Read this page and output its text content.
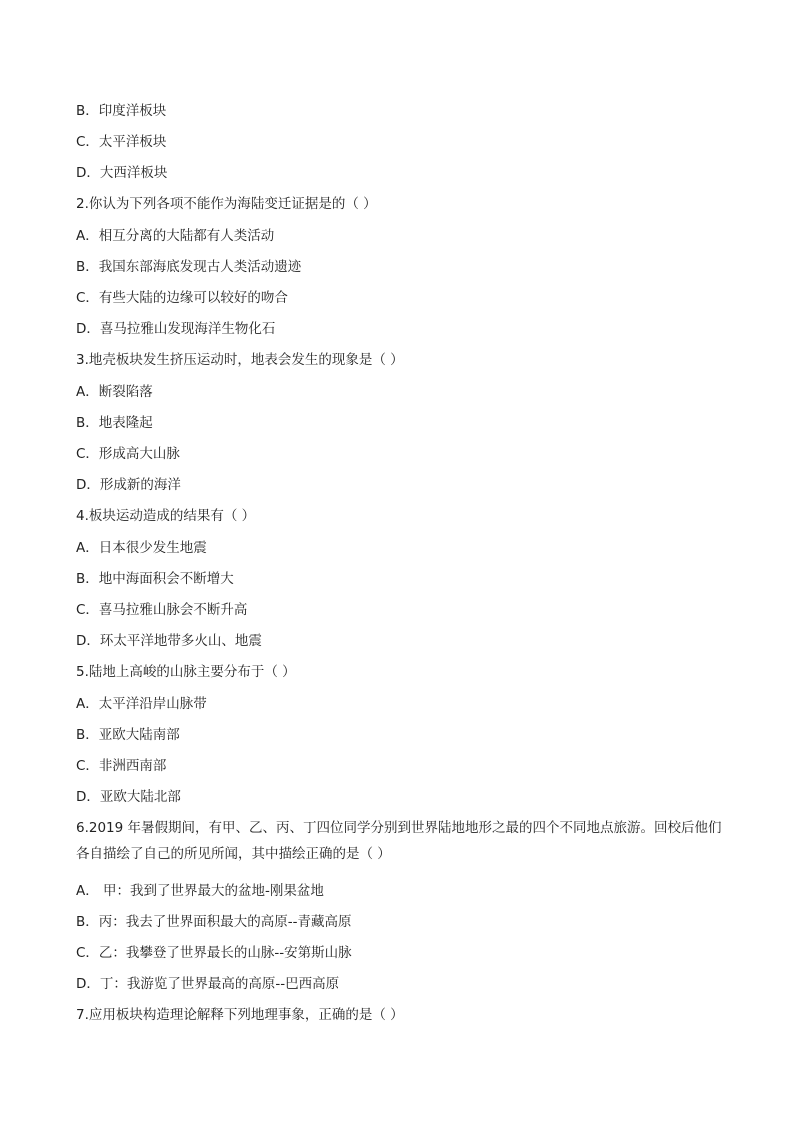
B．印度洋板块
C．太平洋板块
D．大西洋板块
2.你认为下列各项不能作为海陆变迁证据是的（ ）
A．相互分离的大陆都有人类活动
B．我国东部海底发现古人类活动遗迹
C．有些大陆的边缘可以较好的吻合
D．喜马拉雅山发现海洋生物化石
3.地壳板块发生挤压运动时，地表会发生的现象是（ ）
A．断裂陷落
B．地表隆起
C．形成高大山脉
D．形成新的海洋
4.板块运动造成的结果有（ ）
A．日本很少发生地震
B．地中海面积会不断增大
C．喜马拉雅山脉会不断升高
D．环太平洋地带多火山、地震
5.陆地上高峻的山脉主要分布于（ ）
A．太平洋沿岸山脉带
B．亚欧大陆南部
C．非洲西南部
D．亚欧大陆北部
6.2019 年暑假期间，有甲、乙、丙、丁四位同学分别到世界陆地地形之最的四个不同地点旅游。回校后他们各自描绘了自己的所见所闻，其中描绘正确的是（ ）
A． 甲：我到了世界最大的盆地-刚果盆地
B．丙：我去了世界面积最大的高原--青藏高原
C．乙：我攀登了世界最长的山脉--安第斯山脉
D．丁：我游览了世界最高的高原--巴西高原
7.应用板块构造理论解释下列地理事象，正确的是（ ）
